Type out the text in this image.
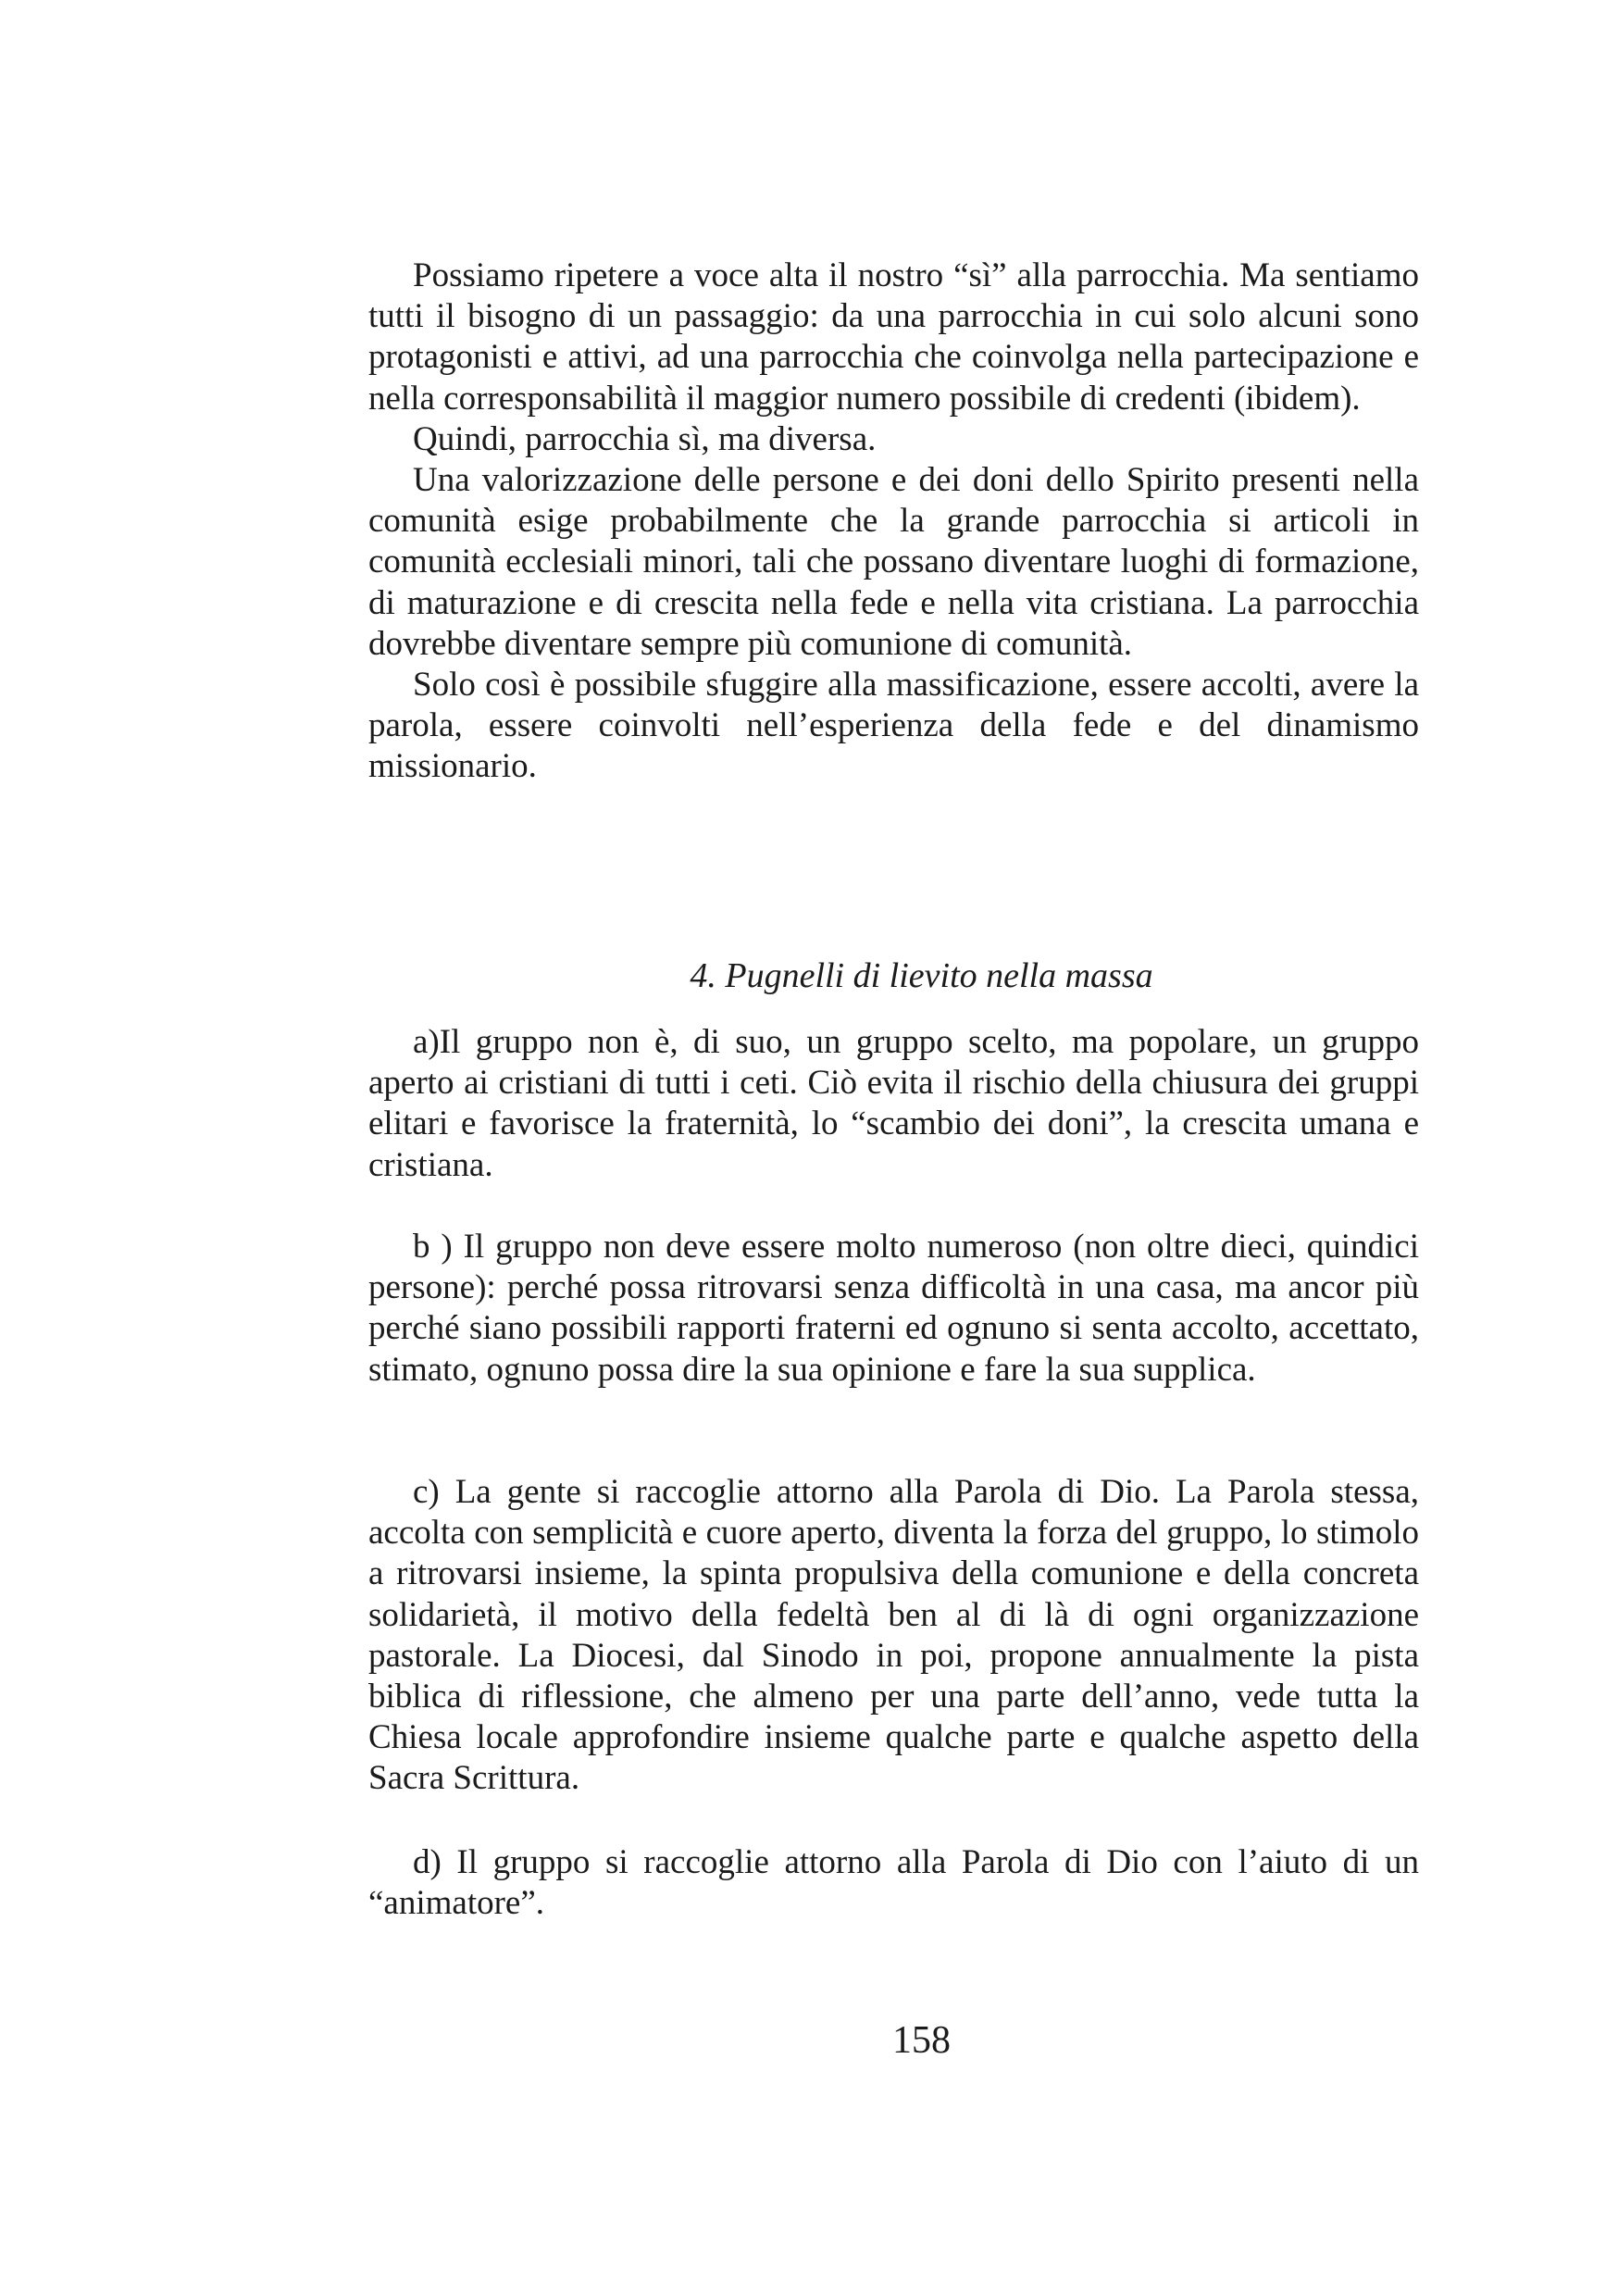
Possiamo ripetere a voce alta il nostro “sì” alla parrocchia. Ma sentiamo tutti il bisogno di un passaggio: da una parrocchia in cui solo alcuni sono protagonisti e attivi, ad una parrocchia che coinvolga nella partecipazione e nella corresponsabilità il maggior numero possibile di credenti (ibidem).

Quindi, parrocchia sì, ma diversa.

Una valorizzazione delle persone e dei doni dello Spirito presenti nella comunità esige probabilmente che la grande parrocchia si articoli in comunità ecclesiali minori, tali che possano diventare luoghi di formazione, di maturazione e di crescita nella fede e nella vita cristiana. La parrocchia dovrebbe diventare sempre più comunione di comunità.

Solo così è possibile sfuggire alla massificazione, essere accolti, avere la parola, essere coinvolti nell’esperienza della fede e del dinamismo missionario.

4. Pugnelli di lievito nella massa

a)Il gruppo non è, di suo, un gruppo scelto, ma popolare, un gruppo aperto ai cristiani di tutti i ceti. Ciò evita il rischio della chiusura dei gruppi elitari e favorisce la fraternità, lo “scambio dei doni”, la crescita umana e cristiana.

b ) Il gruppo non deve essere molto numeroso (non oltre dieci, quindici persone): perché possa ritrovarsi senza difficoltà in una casa, ma ancor più perché siano possibili rapporti fraterni ed ognuno si senta accolto, accettato, stimato, ognuno possa dire la sua opinione e fare la sua supplica.

c) La gente si raccoglie attorno alla Parola di Dio. La Parola stessa, accolta con semplicità e cuore aperto, diventa la forza del gruppo, lo stimolo a ritrovarsi insieme, la spinta propulsiva della comunione e della concreta solidarietà, il motivo della fedeltà ben al di là di ogni organizzazione pastorale. La Diocesi, dal Sinodo in poi, propone annualmente la pista biblica di riflessione, che almeno per una parte dell’anno, vede tutta la Chiesa locale approfondire insieme qualche parte e qualche aspetto della Sacra Scrittura.

d) Il gruppo si raccoglie attorno alla Parola di Dio con l’aiuto di un “animatore”.

158
